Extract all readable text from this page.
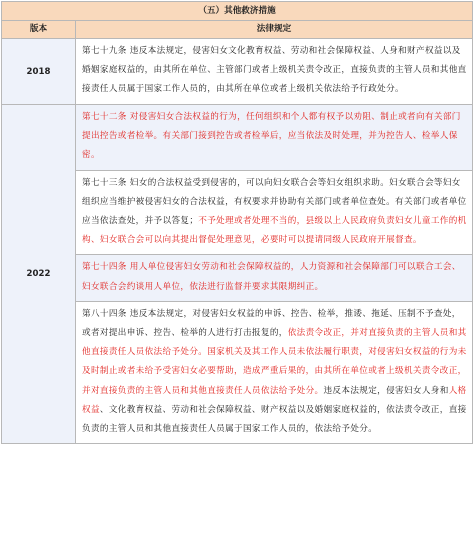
（五）其他救济措施
版本	法律规定
2018
第七十九条 违反本法规定，侵害妇女文化教育权益、劳动和社会保障权益、人身和财产权益以及婚姻家庭权益的，由其所在单位、主管部门或者上级机关责令改正，直接负责的主管人员和其他直接责任人员属于国家工作人员的，由其所在单位或者上级机关依法给予行政处分。
2022
第七十二条 对侵害妇女合法权益的行为，任何组织和个人都有权予以劝阻、制止或者向有关部门提出控告或者检举。有关部门接到控告或者检举后，应当依法及时处理，并为控告人、检举人保密。
第七十三条 妇女的合法权益受到侵害的，可以向妇女联合会等妇女组织求助。妇女联合会等妇女组织应当维护被侵害妇女的合法权益，有权要求并协助有关部门或者单位查处。有关部门或者单位应当依法查处，并予以答复；不予处理或者处理不当的，县级以上人民政府负责妇女儿童工作的机构、妇女联合会可以向其提出督促处理意见，必要时可以提请同级人民政府开展督查。
第七十四条 用人单位侵害妇女劳动和社会保障权益的，人力资源和社会保障部门可以联合工会、妇女联合会约谈用人单位，依法进行监督并要求其限期纠正。
第八十四条 违反本法规定，对侵害妇女权益的申诉、控告、检举，推诿、拖延、压制不予查处，或者对提出申诉、控告、检举的人进行打击报复的，依法责令改正，并对直接负责的主管人员和其他直接责任人员依法给予处分。国家机关及其工作人员未依法履行职责，对侵害妇女权益的行为未及时制止或者未给予受害妇女必要帮助，造成严重后果的，由其所在单位或者上级机关责令改正，并对直接负责的主管人员和其他直接责任人员依法给予处分。违反本法规定，侵害妇女人身和人格权益、文化教育权益、劳动和社会保障权益、财产权益以及婚姻家庭权益的，依法责令改正，直接负责的主管人员和其他直接责任人员属于国家工作人员的，依法给予处分。
